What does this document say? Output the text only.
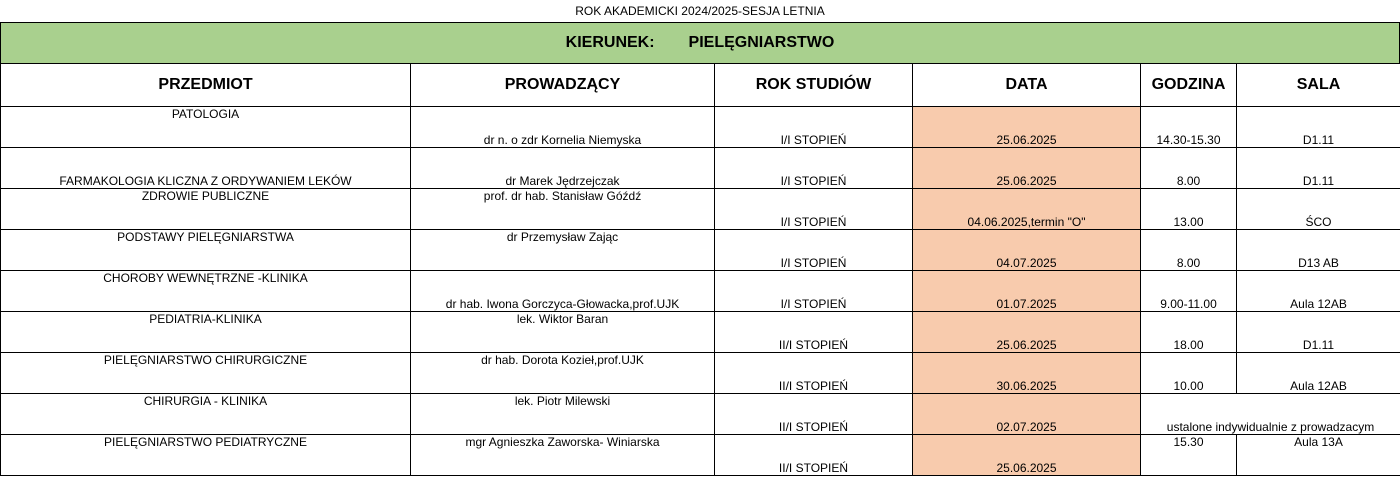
ROK AKADEMICKI 2024/2025-SESJA LETNIA
KIERUNEK: PIELĘGNIARSTWO
PRZEDMIOT	PROWADZĄCY	ROK STUDIÓW	DATA	GODZINA	SALA
PATOLOGIA	dr n. o zdr Kornelia Niemyska	I/I STOPIEŃ	25.06.2025	14.30-15.30	D1.11
FARMAKOLOGIA KLICZNA Z ORDYWANIEM LEKÓW	dr Marek Jędrzejczak	I/I STOPIEŃ	25.06.2025	8.00	D1.11
ZDROWIE PUBLICZNE	prof. dr hab. Stanisław Góźdź	I/I STOPIEŃ	04.06.2025,termin "O"	13.00	ŚCO
PODSTAWY PIELĘGNIARSTWA	dr Przemysław Zając	I/I STOPIEŃ	04.07.2025	8.00	D13 AB
CHOROBY WEWNĘTRZNE -KLINIKA	dr hab. Iwona Gorczyca-Głowacka,prof.UJK	I/I STOPIEŃ	01.07.2025	9.00-11.00	Aula 12AB
PEDIATRIA-KLINIKA	lek. Wiktor Baran	II/I STOPIEŃ	25.06.2025	18.00	D1.11
PIELĘGNIARSTWO CHIRURGICZNE	dr hab. Dorota Kozieł,prof.UJK	II/I STOPIEŃ	30.06.2025	10.00	Aula 12AB
CHIRURGIA - KLINIKA	lek. Piotr Milewski	II/I STOPIEŃ	02.07.2025	ustalone indywidualnie z prowadzacym	
PIELĘGNIARSTWO PEDIATRYCZNE	mgr Agnieszka Zaworska- Winiarska	II/I STOPIEŃ	25.06.2025	15.30	Aula 13A
